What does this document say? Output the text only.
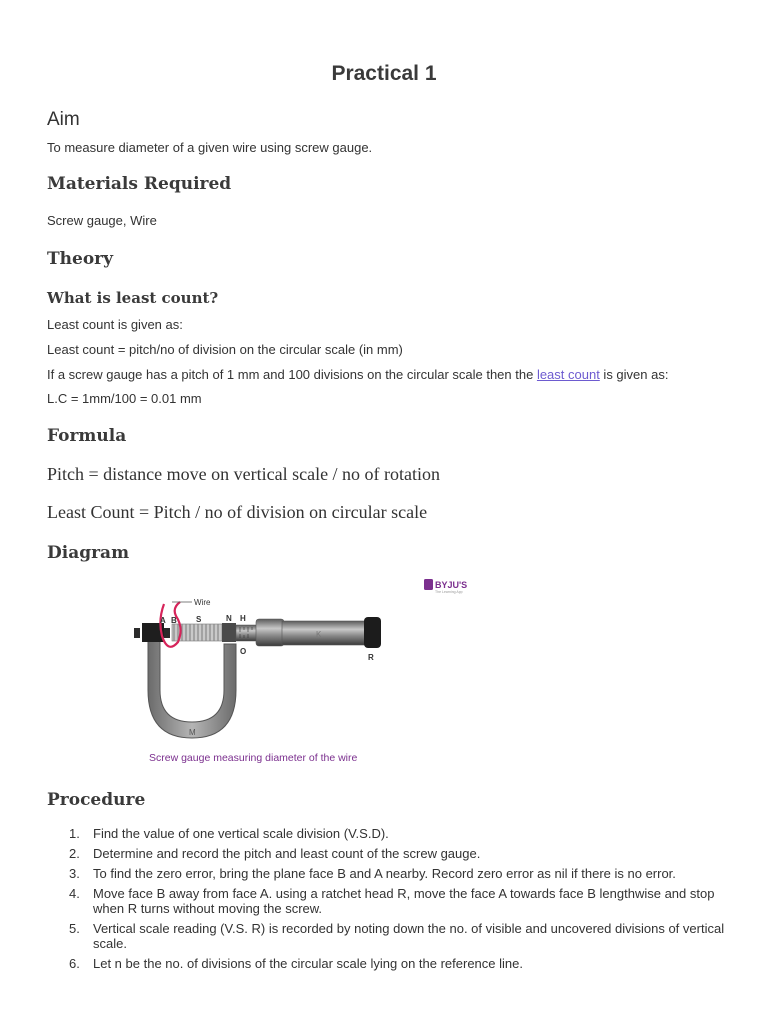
Practical 1
Aim

To measure diameter of a given wire using screw gauge.

Materials Required

Screw gauge, Wire

Theory
What is least count?

Least count is given as:

Least count = pitch/no of division on the circular scale (in mm)

If a screw gauge has a pitch of 1 mm and 100 divisions on the circular scale then the least count is given as:

L.C = 1mm/100 = 0.01 mm

Formula

Pitch = distance move on vertical scale / no of rotation

Least Count = Pitch / no of division on circular scale

Diagram
BYJU'S
The Learning App
Wire
A B S	N H
O
K
R
M
Screw gauge measuring diameter of the wire
Procedure
1. Find the value of one vertical scale division (V.S.D).
2. Determine and record the pitch and least count of the screw gauge.
3. To find the zero error, bring the plane face B and A nearby. Record zero error as nil if there is no error.
4. Move face B away from face A. using a ratchet head R, move the face A towards face B lengthwise and stop when R turns without moving the screw.
5. Vertical scale reading (V.S. R) is recorded by noting down the no. of visible and uncovered divisions of vertical scale.
6. Let n be the no. of divisions of the circular scale lying on the reference line.
